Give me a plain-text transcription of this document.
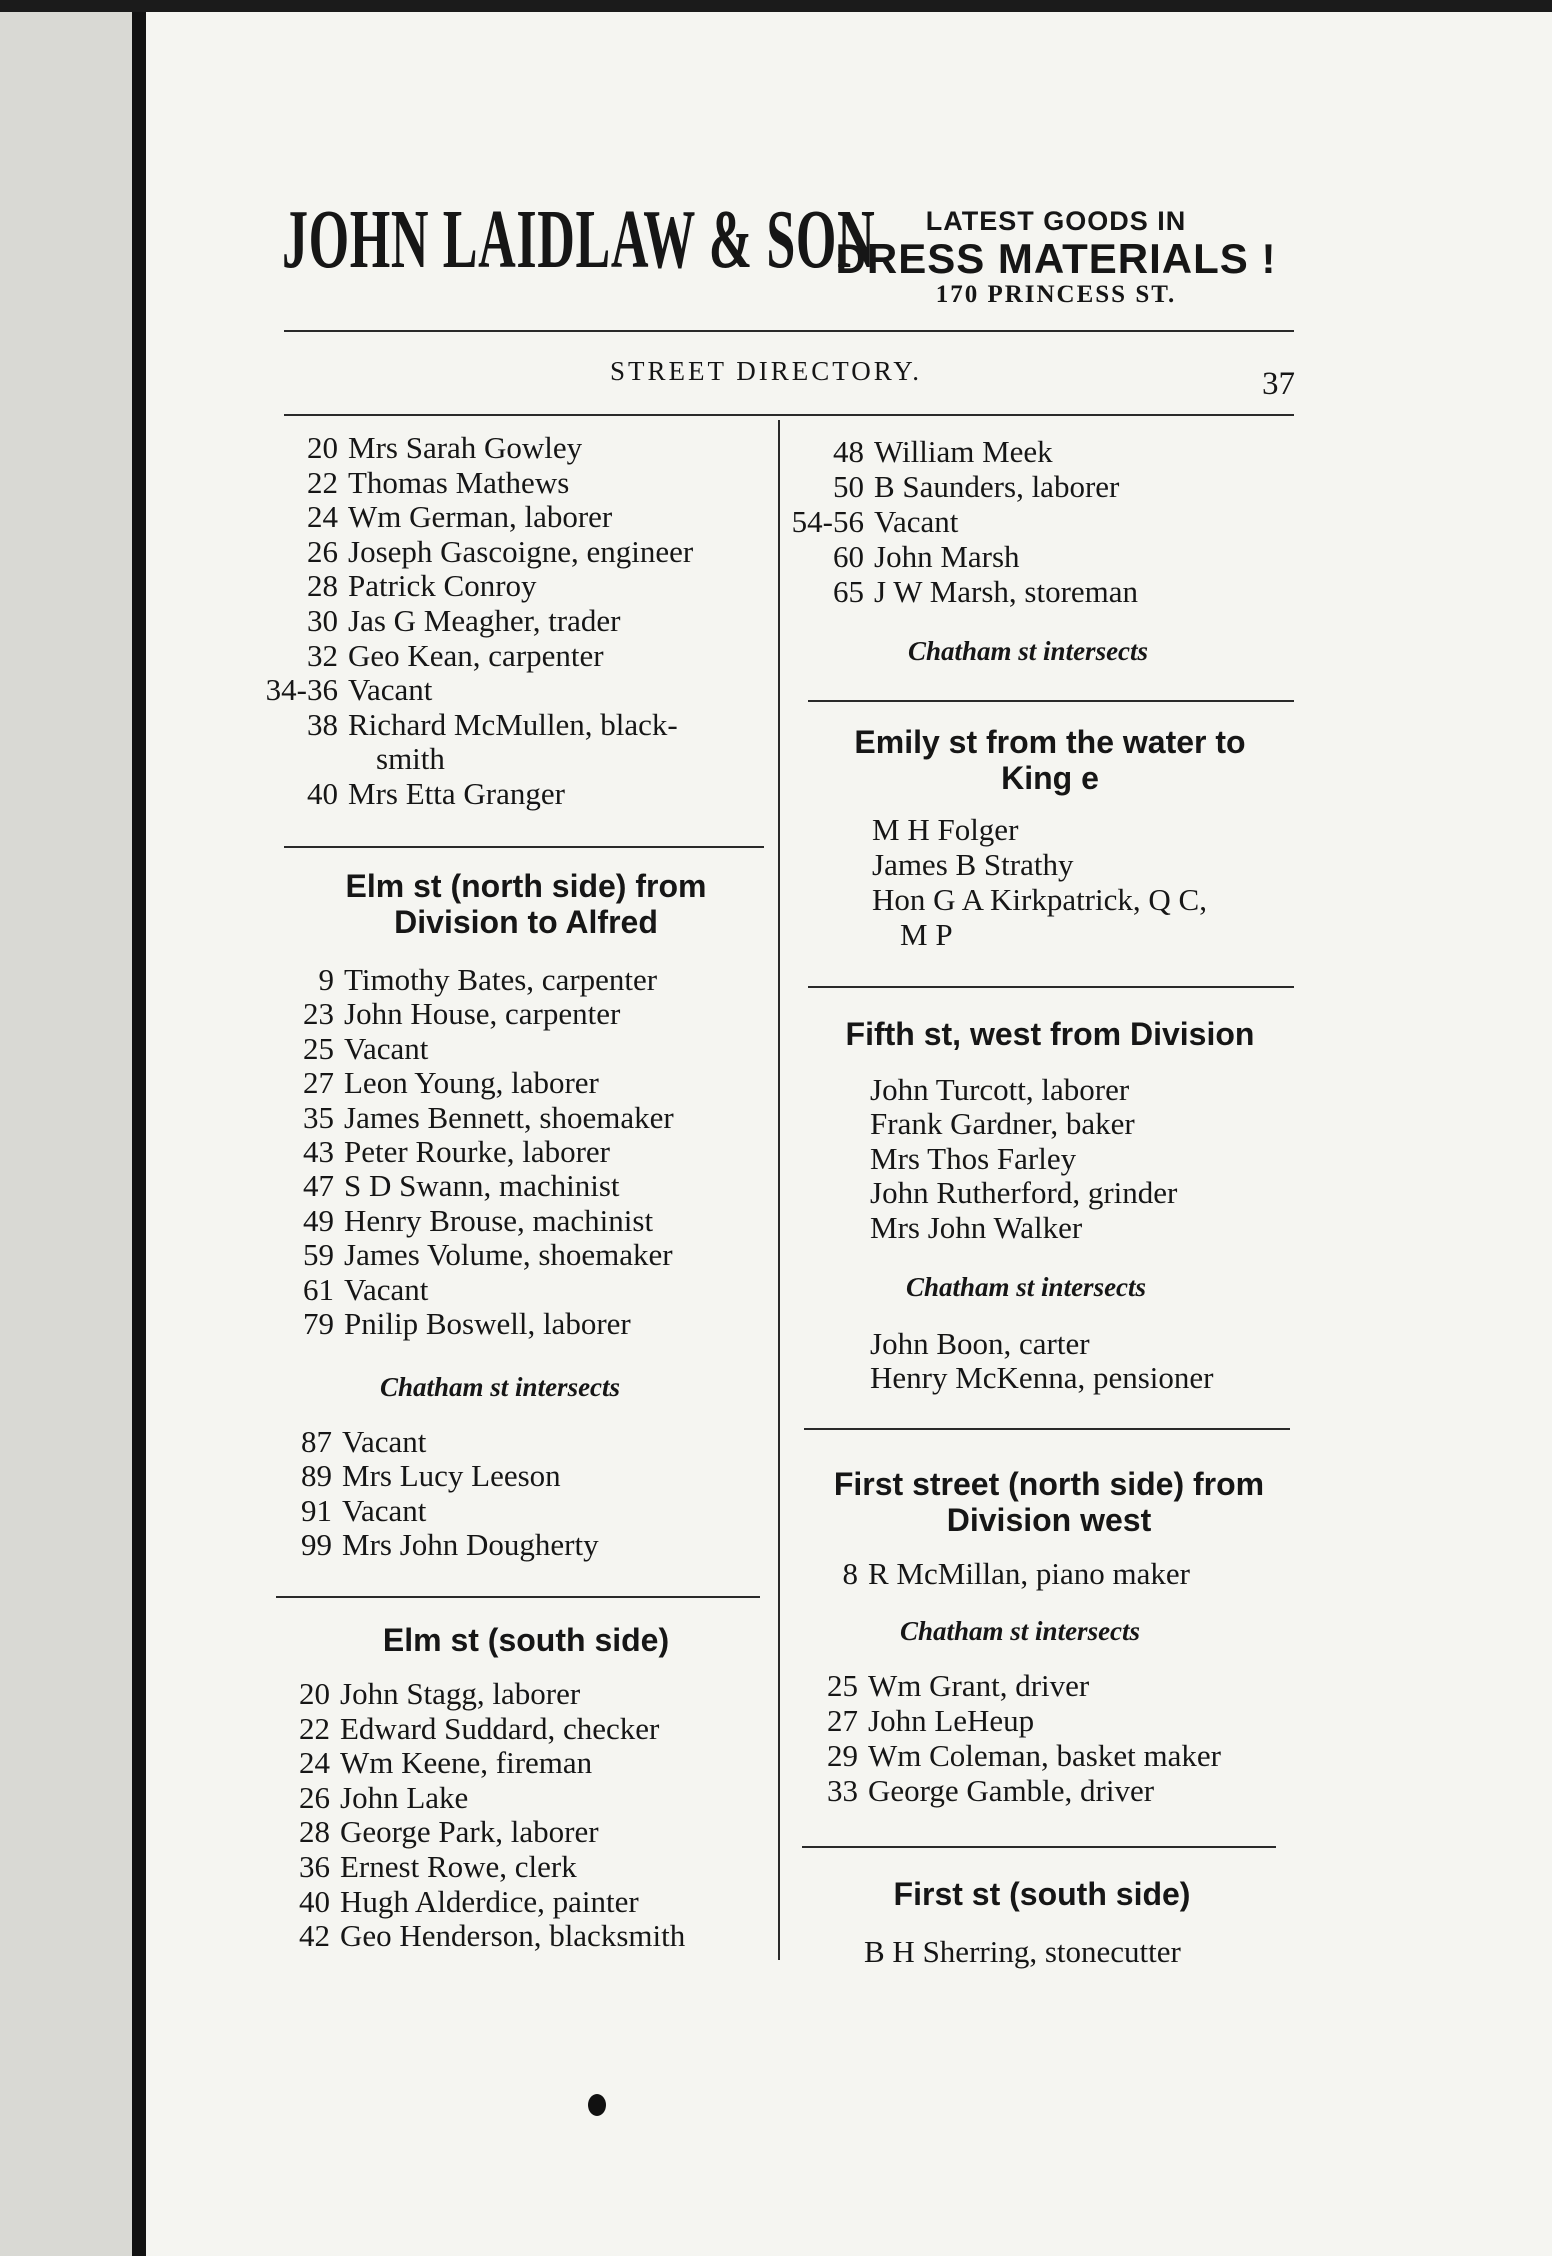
JOHN LAIDLAW & SON	LATEST GOODS IN
DRESS MATERIALS !
170 PRINCESS ST.
STREET DIRECTORY.	37
20 Mrs Sarah Gowley
22 Thomas Mathews
24 Wm German, laborer
26 Joseph Gascoigne, engineer
28 Patrick Conroy
30 Jas G Meagher, trader
32 Geo Kean, carpenter
34-36 Vacant
38 Richard McMullen, black-
smith
40 Mrs Etta Granger
Elm st (north side) from
Division to Alfred
9 Timothy Bates, carpenter
23 John House, carpenter
25 Vacant
27 Leon Young, laborer
35 James Bennett, shoemaker
43 Peter Rourke, laborer
47 S D Swann, machinist
49 Henry Brouse, machinist
59 James Volume, shoemaker
61 Vacant
79 Pnilip Boswell, laborer
Chatham st intersects
87 Vacant
89 Mrs Lucy Leeson
91 Vacant
99 Mrs John Dougherty
Elm st (south side)
20 John Stagg, laborer
22 Edward Suddard, checker
24 Wm Keene, fireman
26 John Lake
28 George Park, laborer
36 Ernest Rowe, clerk
40 Hugh Alderdice, painter
42 Geo Henderson, blacksmith
48 William Meek
50 B Saunders, laborer
54-56 Vacant
60 John Marsh
65 J W Marsh, storeman
Chatham st intersects
Emily st from the water to
King e
M H Folger
James B Strathy
Hon G A Kirkpatrick, Q C,
M P
Fifth st, west from Division
John Turcott, laborer
Frank Gardner, baker
Mrs Thos Farley
John Rutherford, grinder
Mrs John Walker
Chatham st intersects
John Boon, carter
Henry McKenna, pensioner
First street (north side) from
Division west
8 R McMillan, piano maker
Chatham st intersects
25 Wm Grant, driver
27 John LeHeup
29 Wm Coleman, basket maker
33 George Gamble, driver
First st (south side)
B H Sherring, stonecutter
